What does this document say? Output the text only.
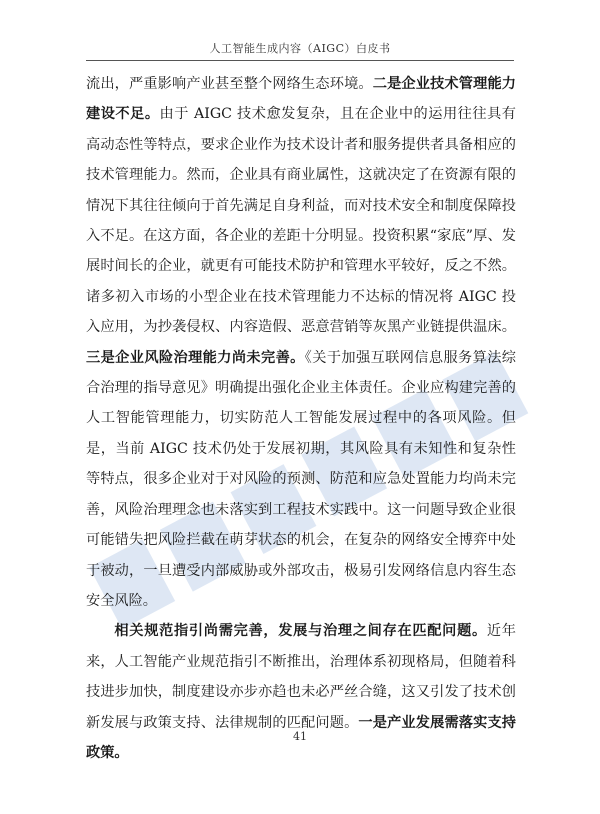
人工智能生成内容（AIGC）白皮书

流出，严重影响产业甚至整个网络生态环境。二是企业技术管理能力建设不足。由于 AIGC 技术愈发复杂，且在企业中的运用往往具有高动态性等特点，要求企业作为技术设计者和服务提供者具备相应的技术管理能力。然而，企业具有商业属性，这就决定了在资源有限的情况下其往往倾向于首先满足自身利益，而对技术安全和制度保障投入不足。在这方面，各企业的差距十分明显。投资积累“家底”厚、发展时间长的企业，就更有可能技术防护和管理水平较好，反之不然。诸多初入市场的小型企业在技术管理能力不达标的情况将 AIGC 投入应用，为抄袭侵权、内容造假、恶意营销等灰黑产业链提供温床。三是企业风险治理能力尚未完善。《关于加强互联网信息服务算法综合治理的指导意见》明确提出强化企业主体责任。企业应构建完善的人工智能管理能力，切实防范人工智能发展过程中的各项风险。但是，当前 AIGC 技术仍处于发展初期，其风险具有未知性和复杂性等特点，很多企业对于对风险的预测、防范和应急处置能力均尚未完善，风险治理理念也未落实到工程技术实践中。这一问题导致企业很可能错失把风险拦截在萌芽状态的机会，在复杂的网络安全博弈中处于被动，一旦遭受内部威胁或外部攻击，极易引发网络信息内容生态安全风险。

相关规范指引尚需完善，发展与治理之间存在匹配问题。近年来，人工智能产业规范指引不断推出，治理体系初现格局，但随着科技进步加快，制度建设亦步亦趋也未必严丝合缝，这又引发了技术创新发展与政策支持、法律规制的匹配问题。一是产业发展需落实支持政策。

41
